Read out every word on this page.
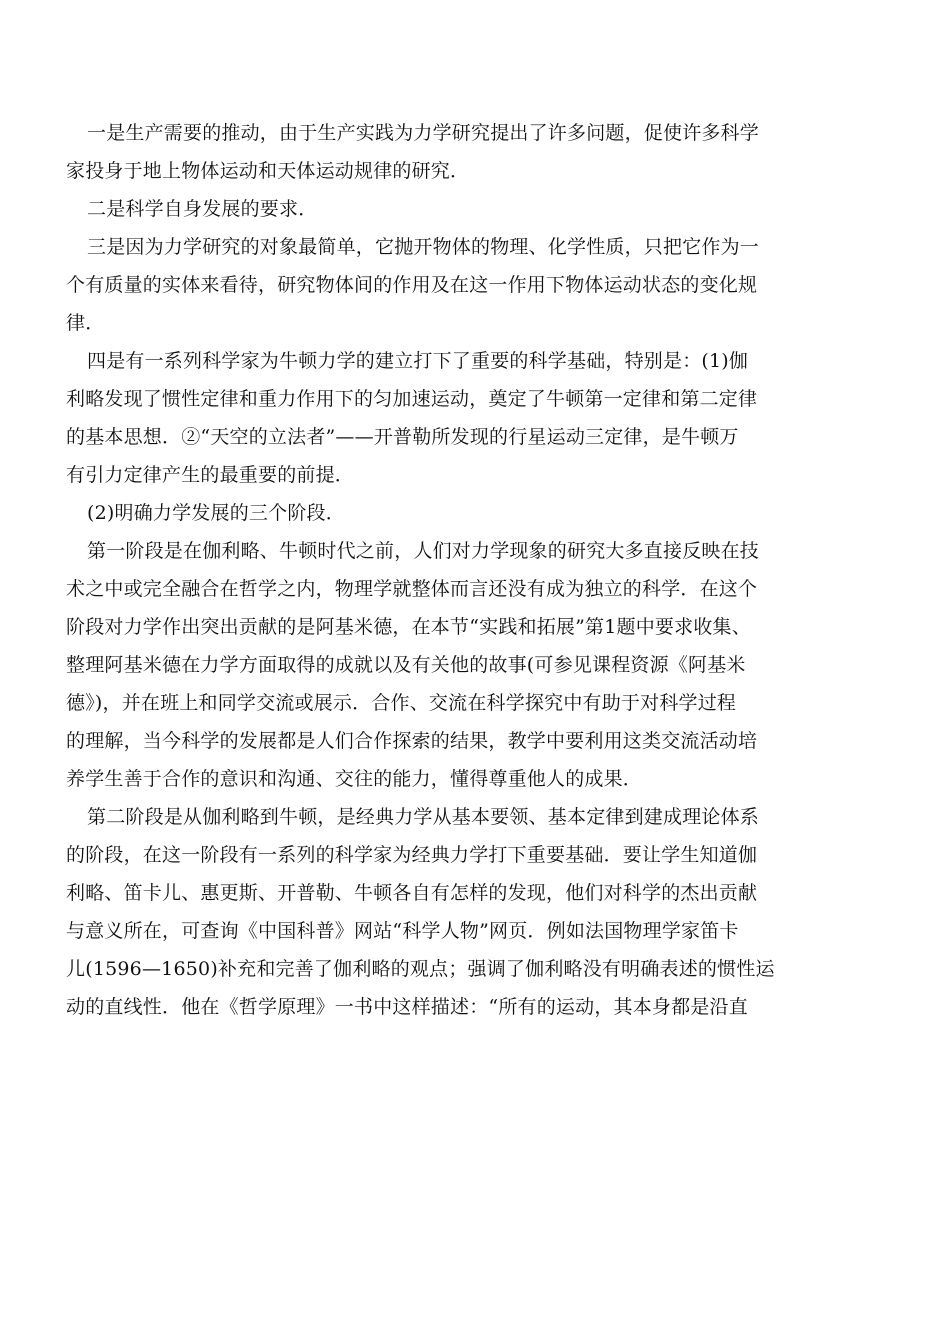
一是生产需要的推动，由于生产实践为力学研究提出了许多问题，促使许多科学
家投身于地上物体运动和天体运动规律的研究．
二是科学自身发展的要求．
三是因为力学研究的对象最简单，它抛开物体的物理、化学性质，只把它作为一
个有质量的实体来看待，研究物体间的作用及在这一作用下物体运动状态的变化规
律．
四是有一系列科学家为牛顿力学的建立打下了重要的科学基础，特别是：(1)伽
利略发现了惯性定律和重力作用下的匀加速运动，奠定了牛顿第一定律和第二定律
的基本思想．②“天空的立法者”——开普勒所发现的行星运动三定律，是牛顿万
有引力定律产生的最重要的前提．
(2)明确力学发展的三个阶段．
第一阶段是在伽利略、牛顿时代之前，人们对力学现象的研究大多直接反映在技
术之中或完全融合在哲学之内，物理学就整体而言还没有成为独立的科学．在这个
阶段对力学作出突出贡献的是阿基米德，在本节“实践和拓展”第1题中要求收集、
整理阿基米德在力学方面取得的成就以及有关他的故事(可参见课程资源《阿基米
德》)，并在班上和同学交流或展示．合作、交流在科学探究中有助于对科学过程
的理解，当今科学的发展都是人们合作探索的结果，教学中要利用这类交流活动培
养学生善于合作的意识和沟通、交往的能力，懂得尊重他人的成果．
第二阶段是从伽利略到牛顿，是经典力学从基本要领、基本定律到建成理论体系
的阶段，在这一阶段有一系列的科学家为经典力学打下重要基础．要让学生知道伽
利略、笛卡儿、惠更斯、开普勒、牛顿各自有怎样的发现，他们对科学的杰出贡献
与意义所在，可查询《中国科普》网站“科学人物”网页．例如法国物理学家笛卡
儿(1596—1650)补充和完善了伽利略的观点；强调了伽利略没有明确表述的惯性运
动的直线性．他在《哲学原理》一书中这样描述：“所有的运动，其本身都是沿直
